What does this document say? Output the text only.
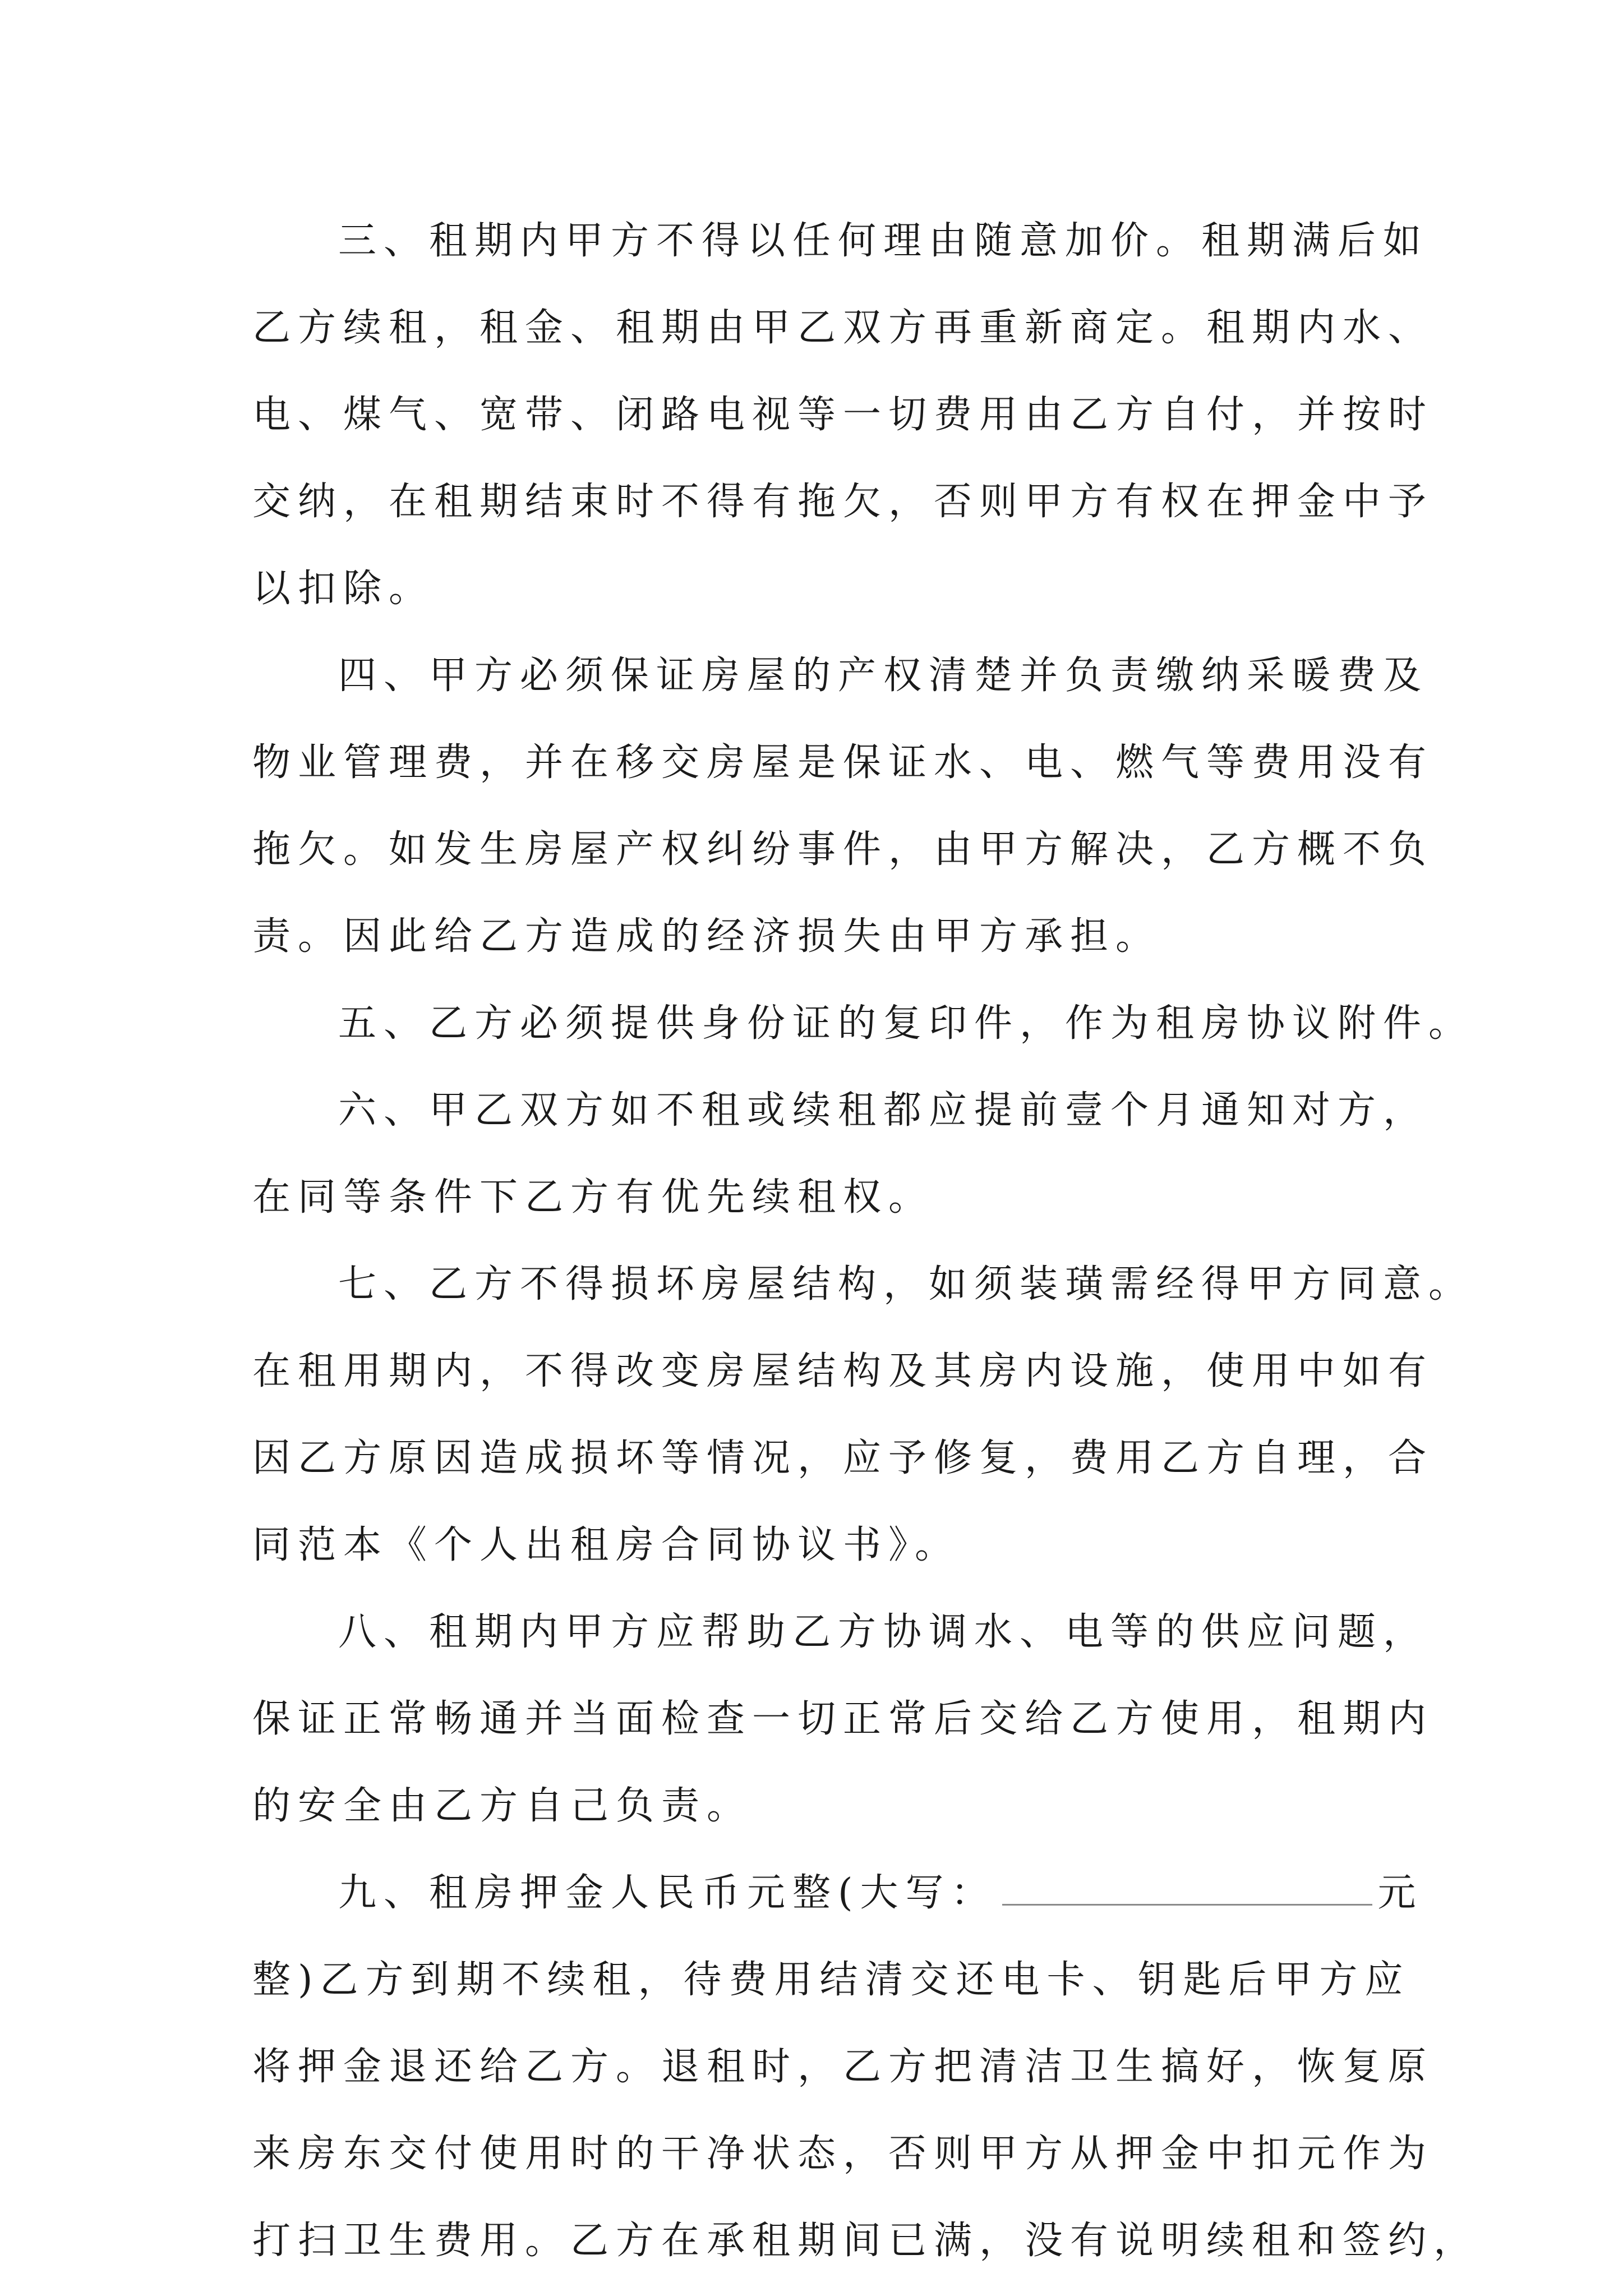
三、租期内甲方不得以任何理由随意加价。租期满后如
乙方续租，租金、租期由甲乙双方再重新商定。租期内水、
电、煤气、宽带、闭路电视等一切费用由乙方自付，并按时
交纳，在租期结束时不得有拖欠，否则甲方有权在押金中予
以扣除。
四、甲方必须保证房屋的产权清楚并负责缴纳采暖费及
物业管理费，并在移交房屋是保证水、电、燃气等费用没有
拖欠。如发生房屋产权纠纷事件，由甲方解决，乙方概不负
责。因此给乙方造成的经济损失由甲方承担。
五、乙方必须提供身份证的复印件，作为租房协议附件。
六、甲乙双方如不租或续租都应提前壹个月通知对方，
在同等条件下乙方有优先续租权。
七、乙方不得损坏房屋结构，如须装璜需经得甲方同意。
在租用期内，不得改变房屋结构及其房内设施，使用中如有
因乙方原因造成损坏等情况，应予修复，费用乙方自理，合
同范本《个人出租房合同协议书》。
八、租期内甲方应帮助乙方协调水、电等的供应问题，
保证正常畅通并当面检查一切正常后交给乙方使用，租期内
的安全由乙方自己负责。
九、租房押金人民币元整(大写：	元
整)乙方到期不续租，待费用结清交还电卡、钥匙后甲方应
将押金退还给乙方。退租时，乙方把清洁卫生搞好，恢复原
来房东交付使用时的干净状态，否则甲方从押金中扣元作为
打扫卫生费用。乙方在承租期间已满，没有说明续租和签约，
